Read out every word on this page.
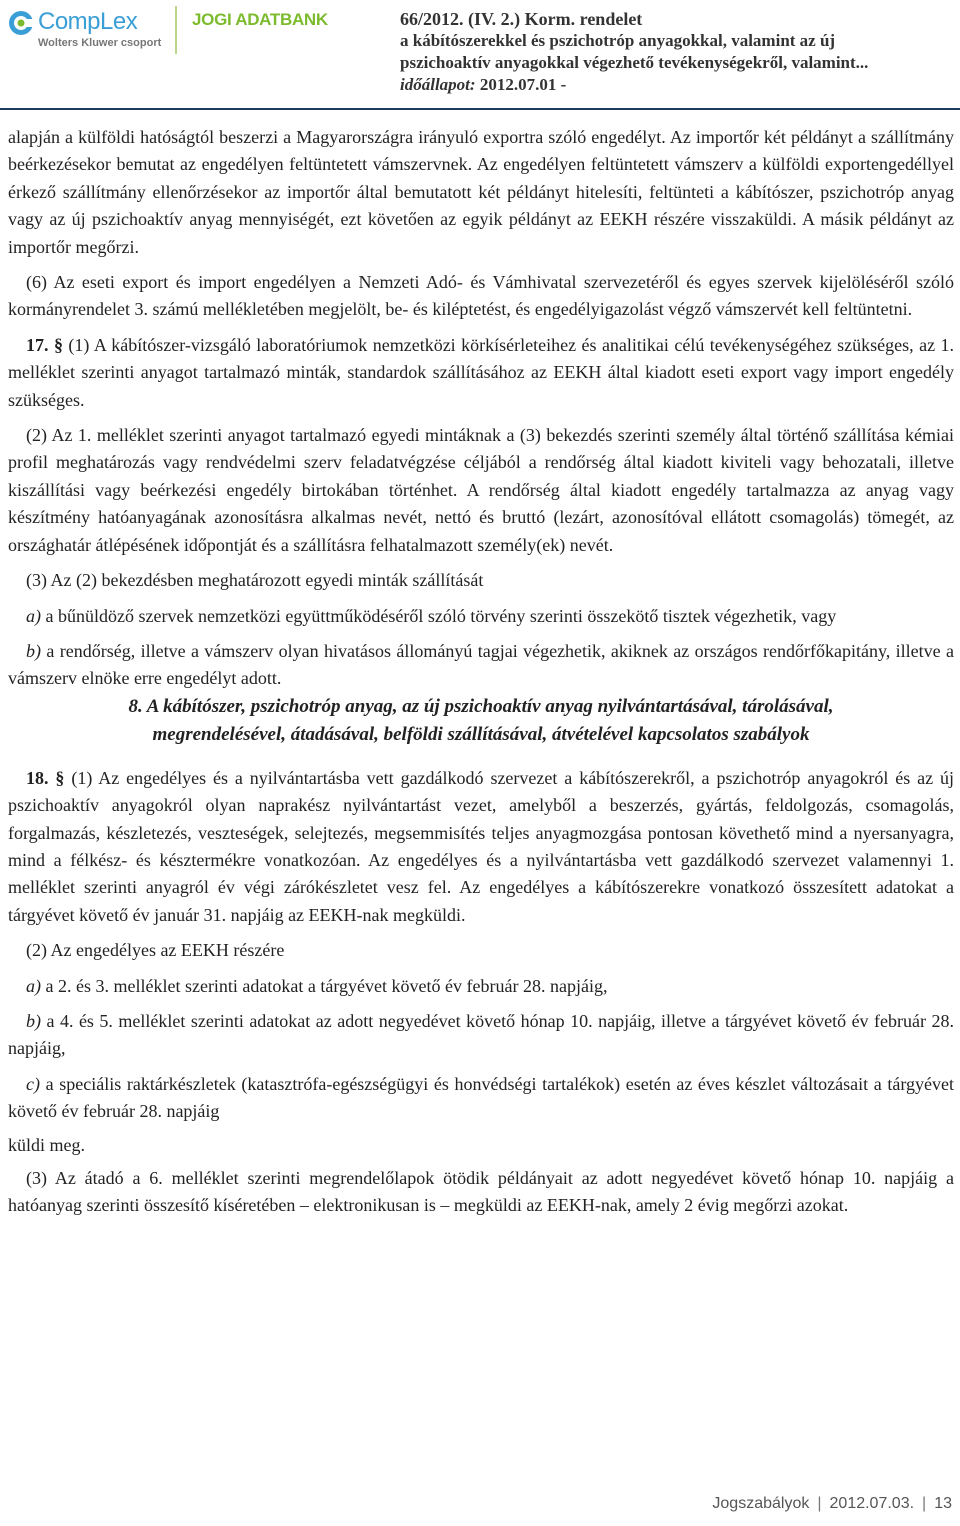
CompLex
Wolters Kluwer csoport
JOGI ADATBANK	66/2012. (IV. 2.) Korm. rendelet
a kábítószerekkel és pszichotróp anyagokkal, valamint az új
pszichoaktív anyagokkal végezhető tevékenységekről, valamint...
időállapot: 2012.07.01 -

alapján a külföldi hatóságtól beszerzi a Magyarországra irányuló exportra szóló engedélyt. Az importőr két példányt a szállítmány beérkezésekor bemutat az engedélyen feltüntetett vámszervnek. Az engedélyen feltüntetett vámszerv a külföldi exportengedéllyel érkező szállítmány ellenőrzésekor az importőr által bemutatott két példányt hitelesíti, feltünteti a kábítószer, pszichotróp anyag vagy az új pszichoaktív anyag mennyiségét, ezt követően az egyik példányt az EEKH részére visszaküldi. A másik példányt az importőr megőrzi.

(6) Az eseti export és import engedélyen a Nemzeti Adó- és Vámhivatal szervezetéről és egyes szervek kijelöléséről szóló kormányrendelet 3. számú mellékletében megjelölt, be- és kiléptetést, és engedélyigazolást végző vámszervét kell feltüntetni.

17. § (1) A kábítószer-vizsgáló laboratóriumok nemzetközi körkísérleteihez és analitikai célú tevékenységéhez szükséges, az 1. melléklet szerinti anyagot tartalmazó minták, standardok szállításához az EEKH által kiadott eseti export vagy import engedély szükséges.

(2) Az 1. melléklet szerinti anyagot tartalmazó egyedi mintáknak a (3) bekezdés szerinti személy által történő szállítása kémiai profil meghatározás vagy rendvédelmi szerv feladatvégzése céljából a rendőrség által kiadott kiviteli vagy behozatali, illetve kiszállítási vagy beérkezési engedély birtokában történhet. A rendőrség által kiadott engedély tartalmazza az anyag vagy készítmény hatóanyagának azonosításra alkalmas nevét, nettó és bruttó (lezárt, azonosítóval ellátott csomagolás) tömegét, az országhatár átlépésének időpontját és a szállításra felhatalmazott személy(ek) nevét.

(3) Az (2) bekezdésben meghatározott egyedi minták szállítását

a) a bűnüldöző szervek nemzetközi együttműködéséről szóló törvény szerinti összekötő tisztek végezhetik, vagy

b) a rendőrség, illetve a vámszerv olyan hivatásos állományú tagjai végezhetik, akiknek az országos rendőrfőkapitány, illetve a vámszerv elnöke erre engedélyt adott.

8. A kábítószer, pszichotróp anyag, az új pszichoaktív anyag nyilvántartásával, tárolásával,
megrendelésével, átadásával, belföldi szállításával, átvételével kapcsolatos szabályok

18. § (1) Az engedélyes és a nyilvántartásba vett gazdálkodó szervezet a kábítószerekről, a pszichotróp anyagokról és az új pszichoaktív anyagokról olyan naprakész nyilvántartást vezet, amelyből a beszerzés, gyártás, feldolgozás, csomagolás, forgalmazás, készletezés, veszteségek, selejtezés, megsemmisítés teljes anyagmozgása pontosan követhető mind a nyersanyagra, mind a félkész- és késztermékre vonatkozóan. Az engedélyes és a nyilvántartásba vett gazdálkodó szervezet valamennyi 1. melléklet szerinti anyagról év végi zárókészletet vesz fel. Az engedélyes a kábítószerekre vonatkozó összesített adatokat a tárgyévet követő év január 31. napjáig az EEKH-nak megküldi.

(2) Az engedélyes az EEKH részére

a) a 2. és 3. melléklet szerinti adatokat a tárgyévet követő év február 28. napjáig,

b) a 4. és 5. melléklet szerinti adatokat az adott negyedévet követő hónap 10. napjáig, illetve a tárgyévet követő év február 28. napjáig,

c) a speciális raktárkészletek (katasztrófa-egészségügyi és honvédségi tartalékok) esetén az éves készlet változásait a tárgyévet követő év február 28. napjáig

küldi meg.

(3) Az átadó a 6. melléklet szerinti megrendelőlapok ötödik példányait az adott negyedévet követő hónap 10. napjáig a hatóanyag szerinti összesítő kíséretében – elektronikusan is – megküldi az EEKH-nak, amely 2 évig megőrzi azokat.

Jogszabályok | 2012.07.03. | 13
